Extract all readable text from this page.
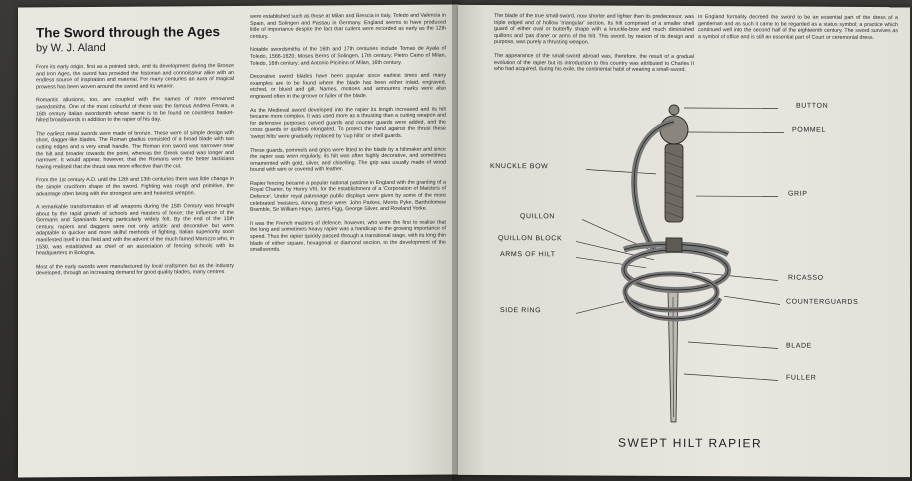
The Sword through the Ages
by W. J. Aland

From its early origin, first as a pointed stick, and its development during the Bronze and Iron Ages, the sword has provided the historian and connoisseur alike with an endless source of inspiration and material. For many centuries an aura of magical prowess has been woven around the sword and its wearer.

Romantic allusions, too, are coupled with the names of more renowned swordsmiths. One of the most colourful of these was the famous Andrea Ferara, a 16th century Italian swordsmith whose name is to be found on countless basket-hilted broadswords in addition to the rapier of his day.

The earliest metal swords were made of bronze. These were of simple design with short, dagger-like blades. The Roman gladius consisted of a broad blade with two cutting edges and a very small handle. The Roman iron sword was narrower near the hilt and broader towards the point, whereas the Greek sword was longer and narrower. It would appear, however, that the Romans were the better tacticians having realised that the thrust was more effective than the cut.

From the 1st century A.D. until the 12th and 13th centuries there was little change in the simple cruciform shape of the sword. Fighting was rough and primitive, the advantage often being with the strongest arm and heaviest weapon.

A remarkable transformation of all weapons during the 15th Century was brought about by the rapid growth of schools and masters of fence; the influence of the Germans and Spaniards being particularly widely felt. By the end of the 15th century, rapiers and daggers were not only artistic and decorative but were adaptable to quicker and more skilful methods of fighting. Italian superiority soon manifested itself in this field and with the advent of the much famed Marozzo who, in 1530, was established as chief of an association of fencing schools with its headquarters in Bologna.

Most of the early swords were manufactured by local craftsmen but as the industry developed, through an increasing demand for good quality blades, many centres

were established such as those at Milan and Brescia in Italy, Toledo and Valencia in Spain, and Solingen and Passau in Germany. England seems to have produced little of importance despite the fact that cutlers were recorded as early as the 12th century.

Notable swordsmiths of the 16th and 17th centuries include Tomas de Ayala of Toledo, 1566-1620; Moses Berns of Solingen, 17th century; Pietro Caino of Milan, Toledo, 16th century; and Antonio Picinino of Milan, 16th century.

Decorative sword blades have been popular since earliest times and many examples are to be found where the blade has been either inlaid, engraved, etched, or blued and gilt. Names, mottoes and armourers marks were also engraved often in the groove or fuller of the blade.

As the Medieval sword developed into the rapier its length increased and its hilt became more complex. It was used more as a thrusting than a cutting weapon and for defensive purposes curved guards and counter guards were added, and the cross guards or quillons elongated. To protect the hand against the thrust these 'swept hilts' were gradually replaced by 'cup hilts' or shell guards.

These guards, pommels and grips were fitted to the blade by a hiltmaker and since the rapier was worn regularly, its hilt was often highly decorative, and sometimes ornamented with gold, silver, and chiselling. The grip was usually made of wood bound with wire or covered with leather.

Rapier fencing became a popular national pastime in England with the granting of a Royal Charter, by Henry VIII, for the establishment of a 'Corporation of Maisters of Defence'. Under royal patronage public displays were given by some of the more celebrated 'meisters. Among these were: John Parkes, Morris Pyke, Bartholomew Bramble, Sir William Hope, James Figg, George Silver, and Rowland Yorke.

It was the French masters of defence, however, who were the first to realise that the long and sometimes heavy rapier was a handicap to the growing importance of speed. Thus the rapier quickly passed through a transitional stage, with its long thin blade of either square, hexagonal or diamond section, to the development of the smallswords.

The blade of the true small-sword, now shorter and lighter than its predecessor, was triple edged and of hollow 'triangular' section. Its hilt comprised of a smaller shell guard of either oval or butterfly shape with a knuckle-bow and much diminished quillons and 'pas d'ane' or arms of the hilt. This sword, by reason of its design and purpose, was purely a thrusting weapon.

The appearance of the small-sword abroad was, therefore, the result of a gradual evolution of the rapier but its introduction to this country was attributed to Charles II who had acquired, during his exile, the continental habit of wearing a small-sword.

In England formality decreed the sword to be an essential part of the dress of a gentleman and as such it came to be regarded as a status symbol; a practice which continued well into the second half of the eighteenth century. The sword survives as a symbol of office and is still an essential part of Court or ceremonial dress.

BUTTON
POMMEL
KNUCKLE BOW
GRIP
QUILLON
QUILLON BLOCK
ARMS OF HILT
RICASSO
COUNTERGUARDS
SIDE RING
BLADE
FULLER
SWEPT HILT RAPIER
